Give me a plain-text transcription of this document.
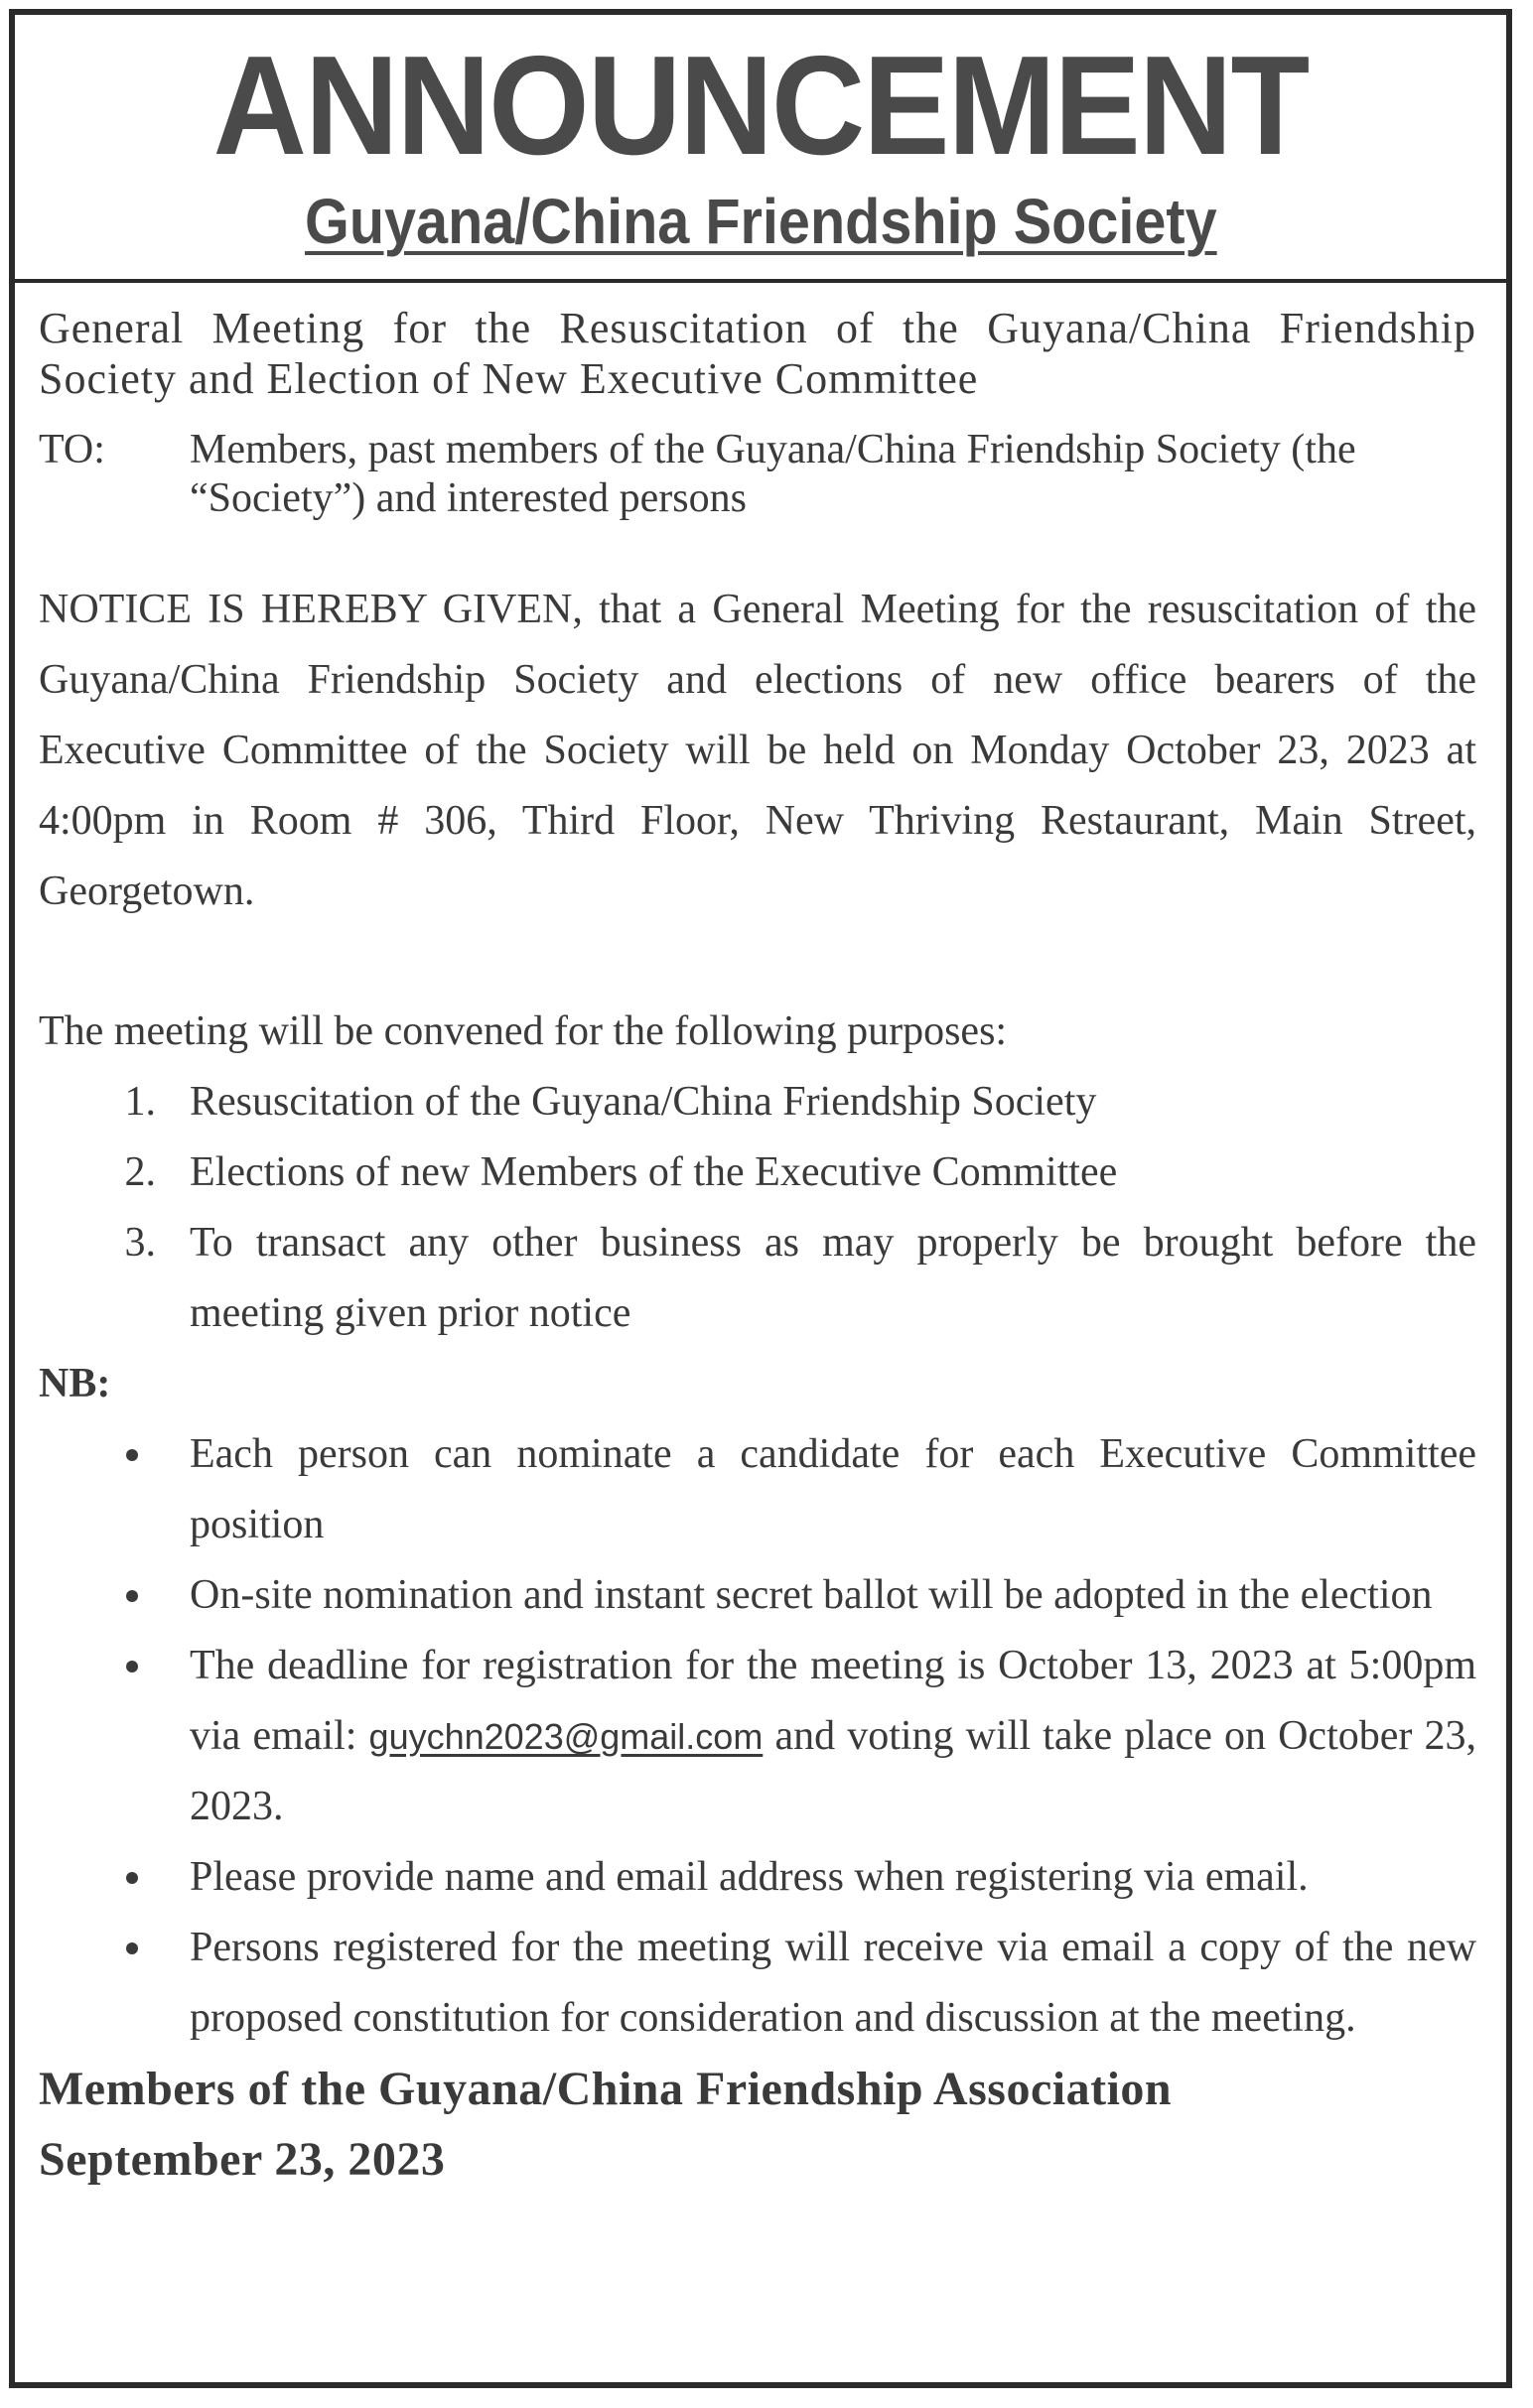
ANNOUNCEMENT
Guyana/China Friendship Society

General Meeting for the Resuscitation of the Guyana/China Friendship Society and Election of New Executive Committee

TO:	Members, past members of the Guyana/China Friendship Society (the “Society”) and interested persons
NOTICE IS HEREBY GIVEN, that a General Meeting for the resuscitation of the Guyana/China Friendship Society and elections of new office bearers of the Executive Committee of the Society will be held on Monday October 23, 2023 at 4:00pm in Room # 306, Third Floor, New Thriving Restaurant, Main Street, Georgetown.
The meeting will be convened for the following purposes:
1. Resuscitation of the Guyana/China Friendship Society
2. Elections of new Members of the Executive Committee
3. To transact any other business as may properly be brought before the meeting given prior notice
NB:
Each person can nominate a candidate for each Executive Committee position
On-site nomination and instant secret ballot will be adopted in the election
The deadline for registration for the meeting is October 13, 2023 at 5:00pm via email: guychn2023@gmail.com and voting will take place on October 23, 2023.
Please provide name and email address when registering via email.
Persons registered for the meeting will receive via email a copy of the new proposed constitution for consideration and discussion at the meeting.
Members of the Guyana/China Friendship Association
September 23, 2023
